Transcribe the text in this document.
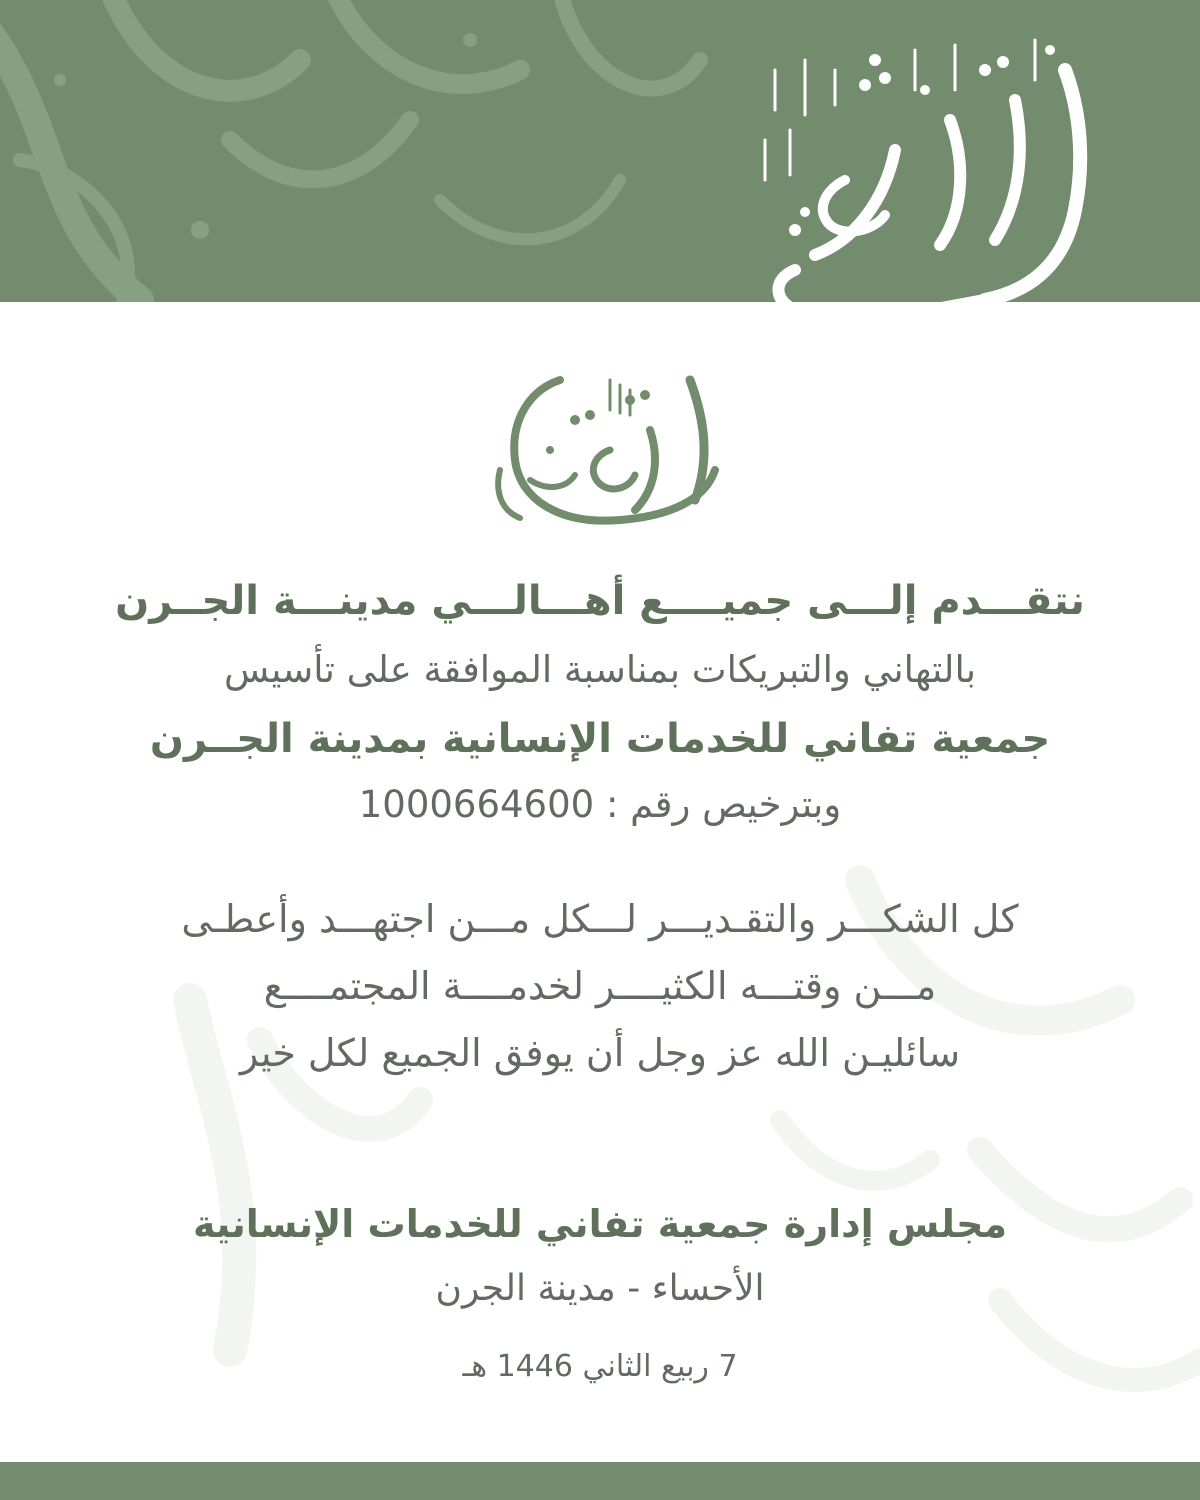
نتقـــدم إلـــى جميــــع أهـــالـــي مدينـــة الجــرن

بالتهاني والتبريكات بمناسبة الموافقة على تأسيس

جمعية تفاني للخدمات الإنسانية بمدينة الجــرن

وبترخيص رقم : 1000664600

كل الشكـــر والتقـديـــر لـــكل مـــن اجتهـــد وأعطـى

مـــن وقتـــه الكثيــــر لخدمــــة المجتمــــع

سائليـن الله عز وجل أن يوفق الجميع لكل خير

مجلس إدارة جمعية تفاني للخدمات الإنسانية

الأحساء - مدينة الجرن

7 ربيع الثاني 1446 هـ
